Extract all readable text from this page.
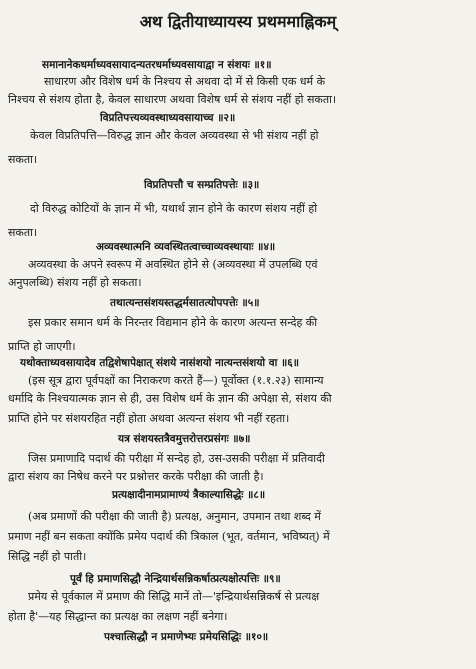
अथ द्वितीयाध्यायस्य प्रथममाह्निकम्
समानानेकधर्माध्यवसायादन्यतरधर्माध्यवसायाद्वा न संशयः ॥१॥
साधारण और विशेष धर्म के निश्चय से अथवा दो में से किसी एक धर्म के
निश्चय से संशय होता है, केवल साधारण अथवा विशेष धर्म से संशय नहीं हो सकता।
विप्रतिपत्त्यव्यवस्थाध्यवसायाच्च ॥२॥
केवल विप्रतिपत्ति—विरुद्ध ज्ञान और केवल अव्यवस्था से भी संशय नहीं हो
सकता।
विप्रतिपत्तौ च सम्प्रतिपत्तेः ॥३॥
दो विरुद्ध कोटियों के ज्ञान में भी, यथार्थ ज्ञान होने के कारण संशय नहीं हो
सकता।
अव्यवस्थात्मनि व्यवस्थितत्वाच्चाव्यवस्थायाः ॥४॥
अव्यवस्था के अपने स्वरूप में अवस्थित होने से (अव्यवस्था में उपलब्धि एवं
अनुपलब्धि) संशय नहीं हो सकता।
तथात्यन्तसंशयस्तद्धर्मसातत्योपपत्तेः ॥५॥
इस प्रकार समान धर्म के निरन्तर विद्यमान होने के कारण अत्यन्त सन्देह की
प्राप्ति हो जाएगी।
यथोक्ताध्यवसायादेव तद्विशेषापेक्षात् संशये नासंशयो नात्यन्तसंशयो वा ॥६॥
(इस सूत्र द्वारा पूर्वपक्षों का निराकरण करते हैं—) पूर्वोक्त (१.१.२३) सामान्य
धर्मादि के निश्चयात्मक ज्ञान से ही, उस विशेष धर्म के ज्ञान की अपेक्षा से, संशय की
प्राप्ति होने पर संशयरहित नहीं होता अथवा अत्यन्त संशय भी नहीं रहता।
यत्र संशयस्तत्रैवमुत्तरोत्तरप्रसंगः ॥७॥
जिस प्रमाणादि पदार्थ की परीक्षा में सन्देह हो, उस-उसकी परीक्षा में प्रतिवादी
द्वारा संशय का निषेध करने पर प्रश्नोत्तर करके परीक्षा की जाती है।
प्रत्यक्षादीनामप्रामाण्यं त्रैकाल्यासिद्धेः ॥८॥
(अब प्रमाणों की परीक्षा की जाती है) प्रत्यक्ष, अनुमान, उपमान तथा शब्द में
प्रमाण नहीं बन सकता क्योंकि प्रमेय पदार्थ की त्रिकाल (भूत, वर्तमान, भविष्यत्) में
सिद्धि नहीं हो पाती।
पूर्वं हि प्रमाणसिद्धौ नेन्द्रियार्थसन्निकर्षात्प्रत्यक्षोत्पत्तिः ॥९॥
प्रमेय से पूर्वकाल में प्रमाण की सिद्धि मानें तो—'इन्द्रियार्थसन्निकर्ष से प्रत्यक्ष
होता है'—यह सिद्धान्त का प्रत्यक्ष का लक्षण नहीं बनेगा।
पश्चात्सिद्धौ न प्रमाणेभ्यः प्रमेयसिद्धिः ॥१०॥
